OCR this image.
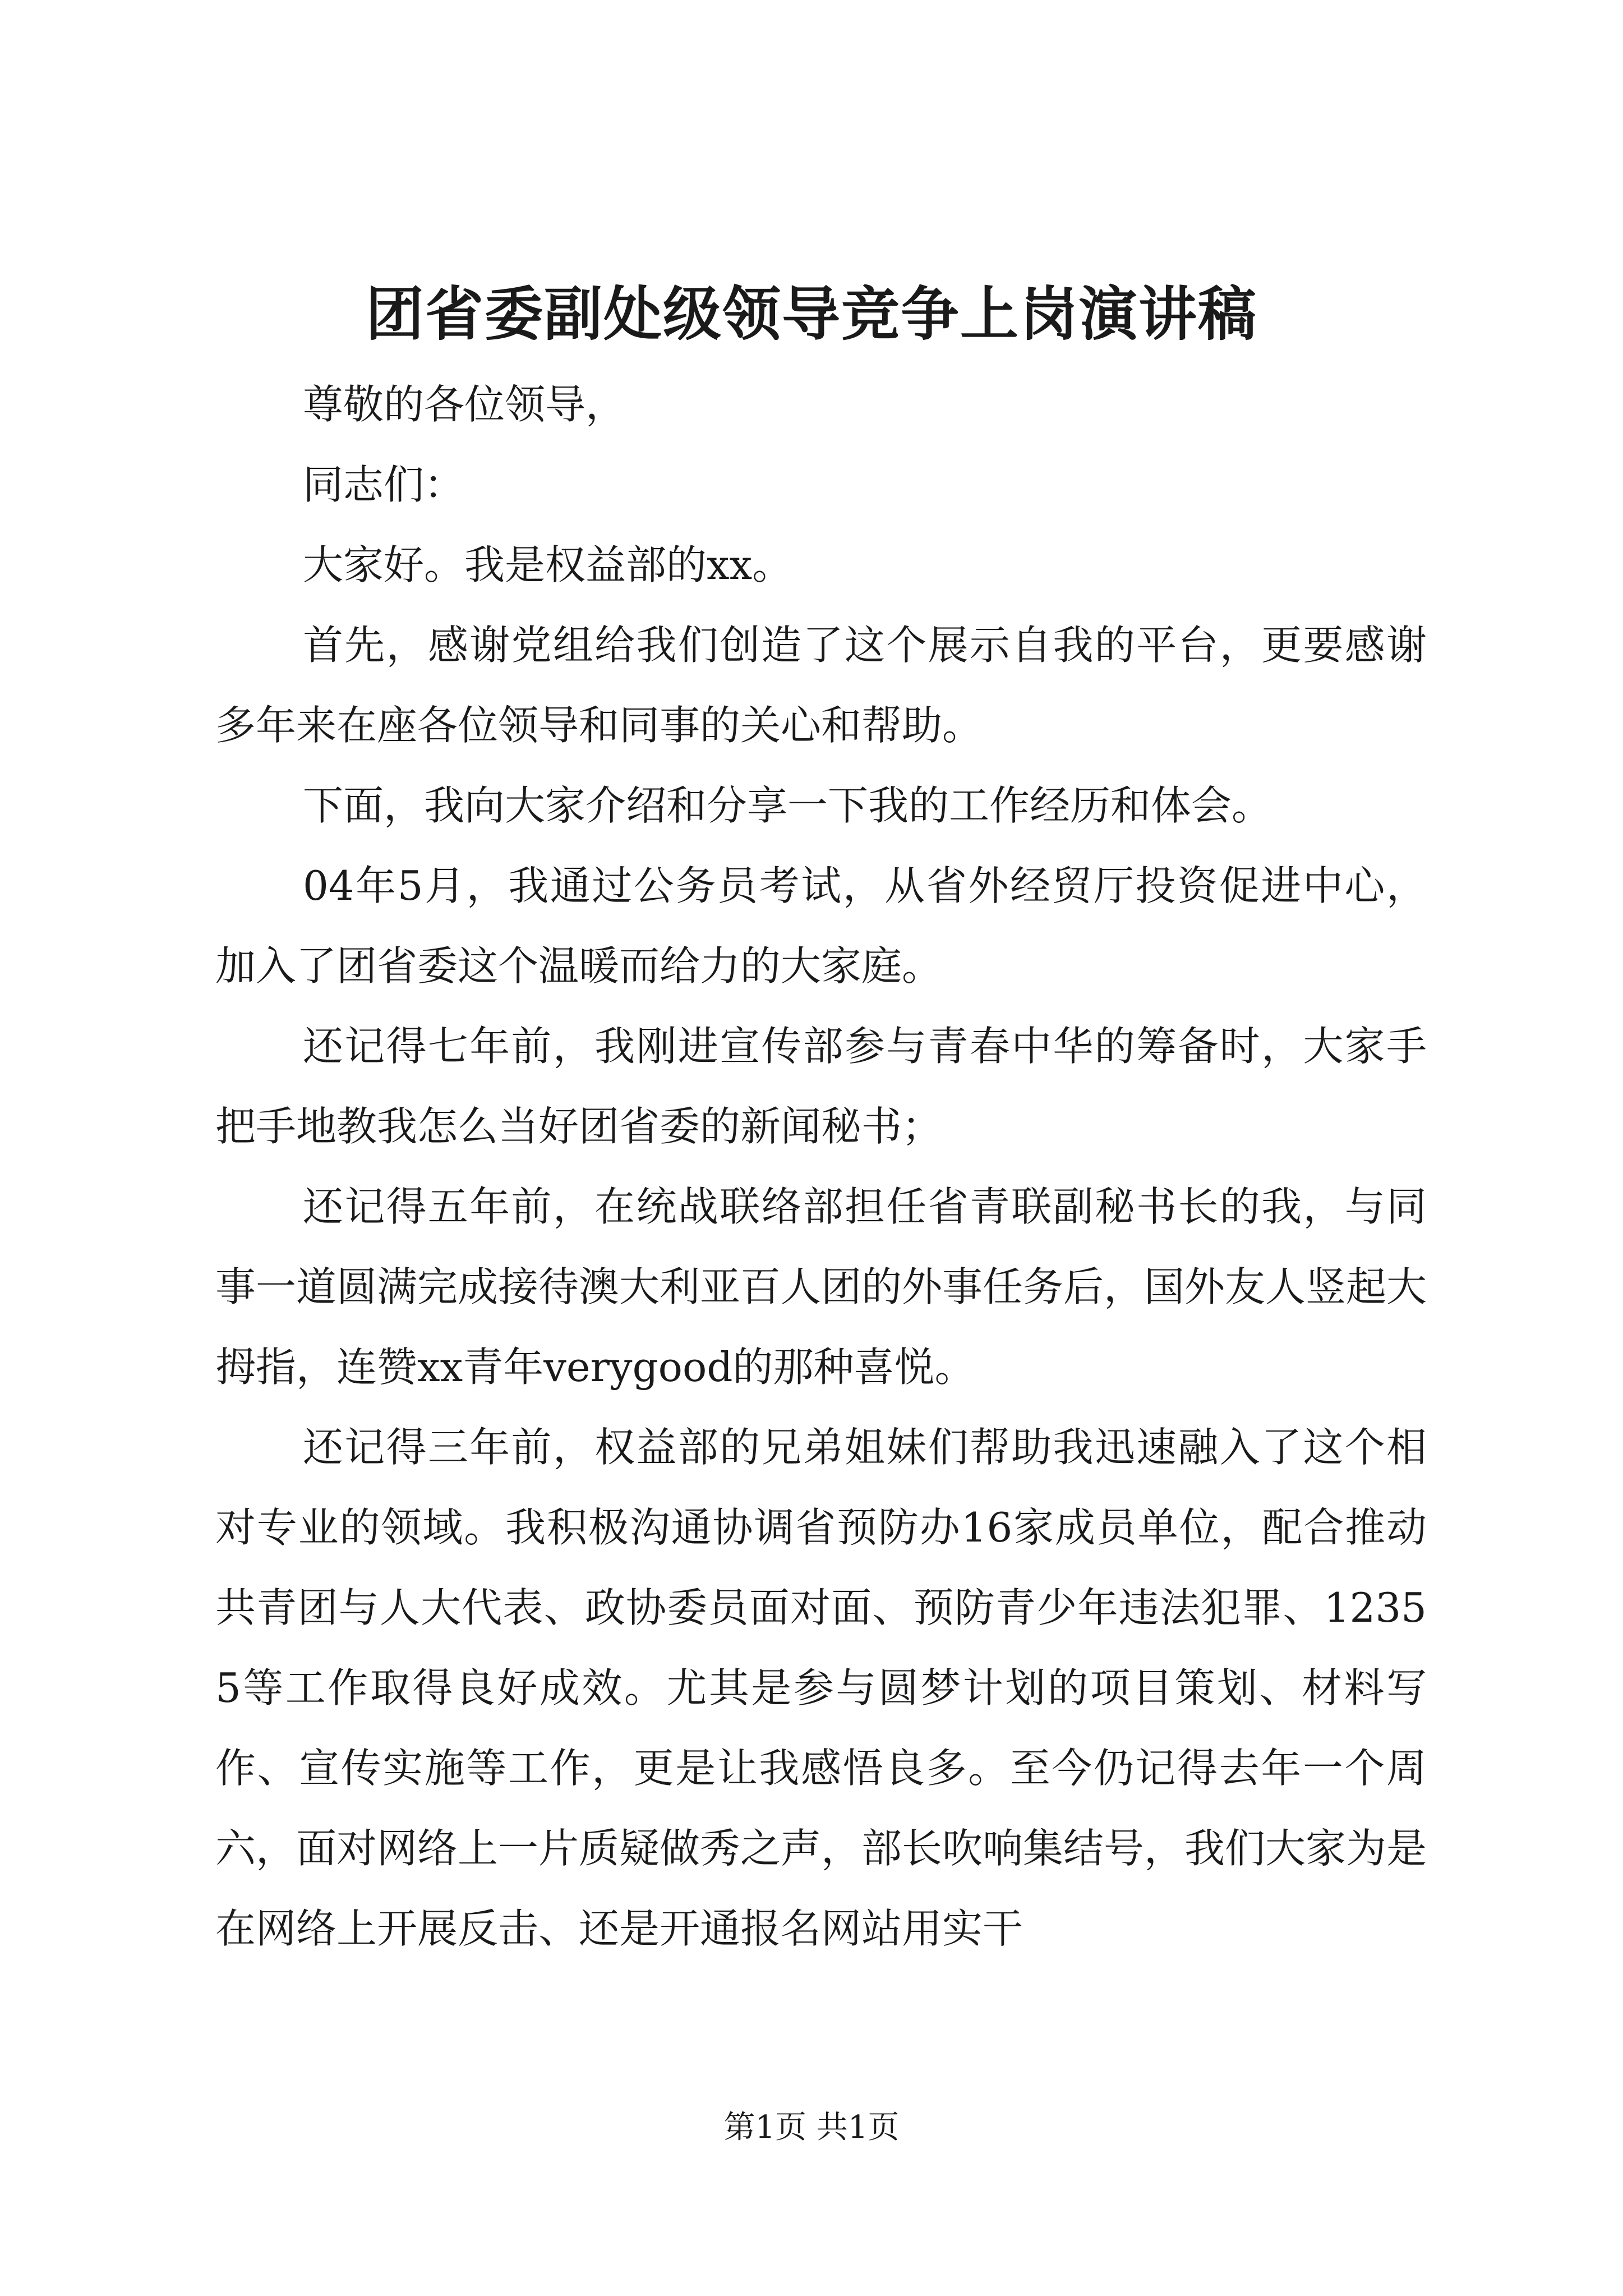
团省委副处级领导竞争上岗演讲稿

尊敬的各位领导，

同志们：

大家好。我是权益部的xx。

首先，感谢党组给我们创造了这个展示自我的平台，更要感谢多年来在座各位领导和同事的关心和帮助。

下面，我向大家介绍和分享一下我的工作经历和体会。

04年5月，我通过公务员考试，从省外经贸厅投资促进中心，加入了团省委这个温暖而给力的大家庭。

还记得七年前，我刚进宣传部参与青春中华的筹备时，大家手把手地教我怎么当好团省委的新闻秘书；

还记得五年前，在统战联络部担任省青联副秘书长的我，与同事一道圆满完成接待澳大利亚百人团的外事任务后，国外友人竖起大拇指，连赞xx青年verygood的那种喜悦。

还记得三年前，权益部的兄弟姐妹们帮助我迅速融入了这个相对专业的领域。我积极沟通协调省预防办16家成员单位，配合推动共青团与人大代表、政协委员面对面、预防青少年违法犯罪、12355等工作取得良好成效。尤其是参与圆梦计划的项目策划、材料写作、宣传实施等工作，更是让我感悟良多。至今仍记得去年一个周六，面对网络上一片质疑做秀之声，部长吹响集结号，我们大家为是在网络上开展反击、还是开通报名网站用实干

第1页 共1页
